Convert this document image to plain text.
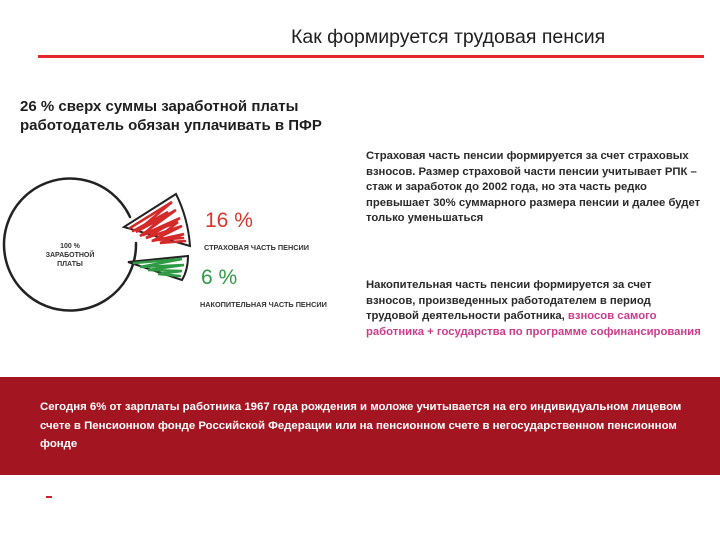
Как формируется трудовая пенсия
26 % сверх суммы заработной платы
работодатель обязан уплачивать в ПФР
100 %
ЗАРАБОТНОЙ
ПЛАТЫ
16 %
СТРАХОВАЯ ЧАСТЬ ПЕНСИИ
6 %
НАКОПИТЕЛЬНАЯ ЧАСТЬ ПЕНСИИ
Страховая часть пенсии формируется за счет страховых взносов. Размер страховой части пенсии учитывает РПК – стаж и заработок до 2002 года, но эта часть редко превышает 30% суммарного размера пенсии и далее будет только уменьшаться
Накопительная часть пенсии формируется за счет взносов, произведенных работодателем в период трудовой деятельности работника, взносов самого работника + государства по программе софинансирования
Сегодня 6% от зарплаты работника 1967 года рождения и моложе учитывается на его индивидуальном лицевом счете в Пенсионном фонде Российской Федерации или на пенсионном счете в негосударственном пенсионном фонде
